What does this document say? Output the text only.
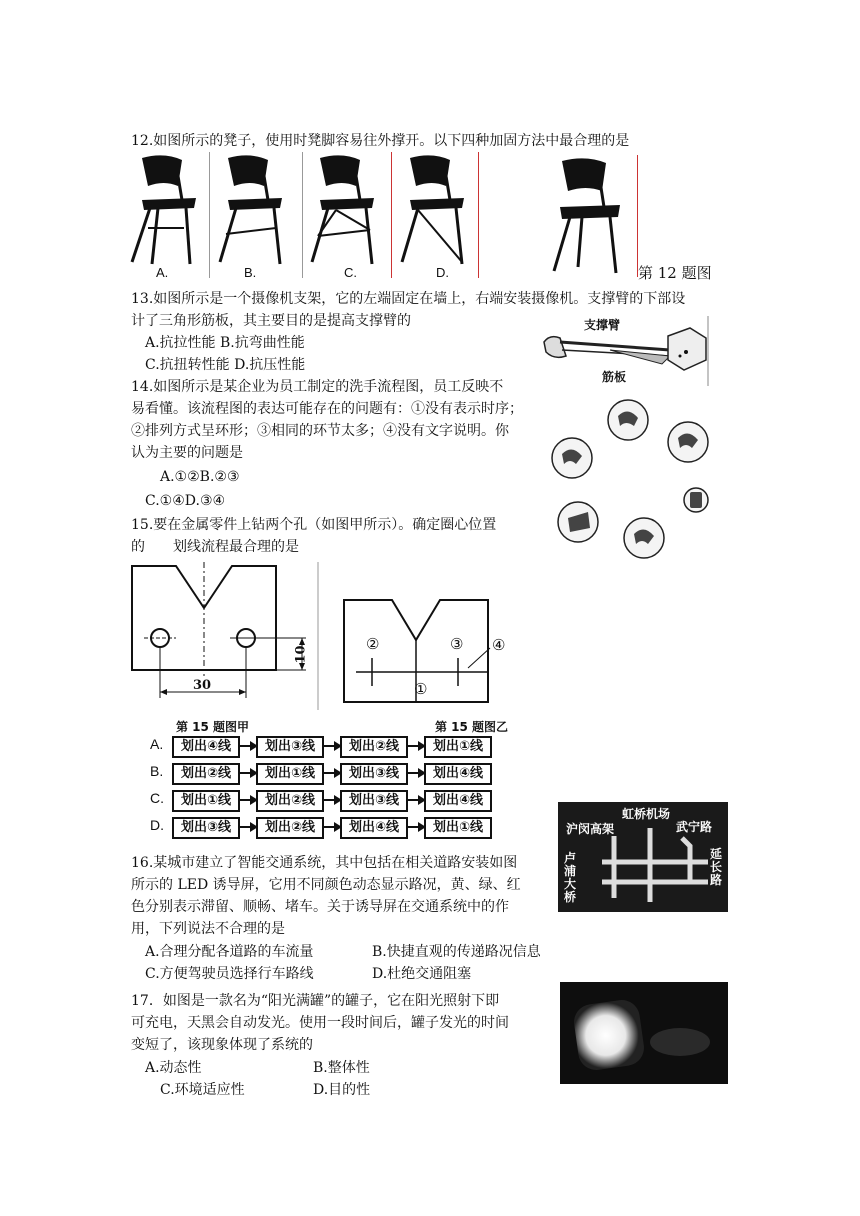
12.如图所示的凳子，使用时凳脚容易往外撑开。以下四种加固方法中最合理的是
A.	B.	C.	D.	第 12 题图
13.如图所示是一个摄像机支架，它的左端固定在墙上，右端安装摄像机。支撑臂的下部设
计了三角形筋板，其主要目的是提高支撑臂的
A.抗拉性能 B.抗弯曲性能
C.抗扭转性能 D.抗压性能
支撑臂
筋板
14.如图所示是某企业为员工制定的洗手流程图，员工反映不
易看懂。该流程图的表达可能存在的问题有：①没有表示时序；
②排列方式呈环形；③相同的环节太多；④没有文字说明。你
认为主要的问题是
A.①②B.②③
C.①④D.③④
15.要在金属零件上钻两个孔（如图甲所示）。确定圈心位置
的　　划线流程最合理的是
10
30
②	③ ④
①
第 15 题图甲	第 15 题图乙
A.	划出④线	划出③线	划出②线	划出①线
B.	划出②线	划出①线	划出③线	划出④线
C.	划出①线	划出②线	划出③线	划出④线
D.	划出③线	划出②线	划出④线	划出①线
虹桥机场
沪闵高架	武宁路
卢浦大桥
延长路
16.某城市建立了智能交通系统，其中包括在相关道路安装如图
所示的 LED 诱导屏，它用不同颜色动态显示路况，黄、绿、红
色分别表示滞留、顺畅、堵车。关于诱导屏在交通系统中的作
用，下列说法不合理的是
A.合理分配各道路的车流量	B.快捷直观的传递路况信息
C.方便驾驶员选择行车路线	D.杜绝交通阻塞
17．如图是一款名为“阳光满罐”的罐子，它在阳光照射下即
可充电，天黑会自动发光。使用一段时间后，罐子发光的时间
变短了，该现象体现了系统的
A.动态性	B.整体性
C.环境适应性	D.目的性
